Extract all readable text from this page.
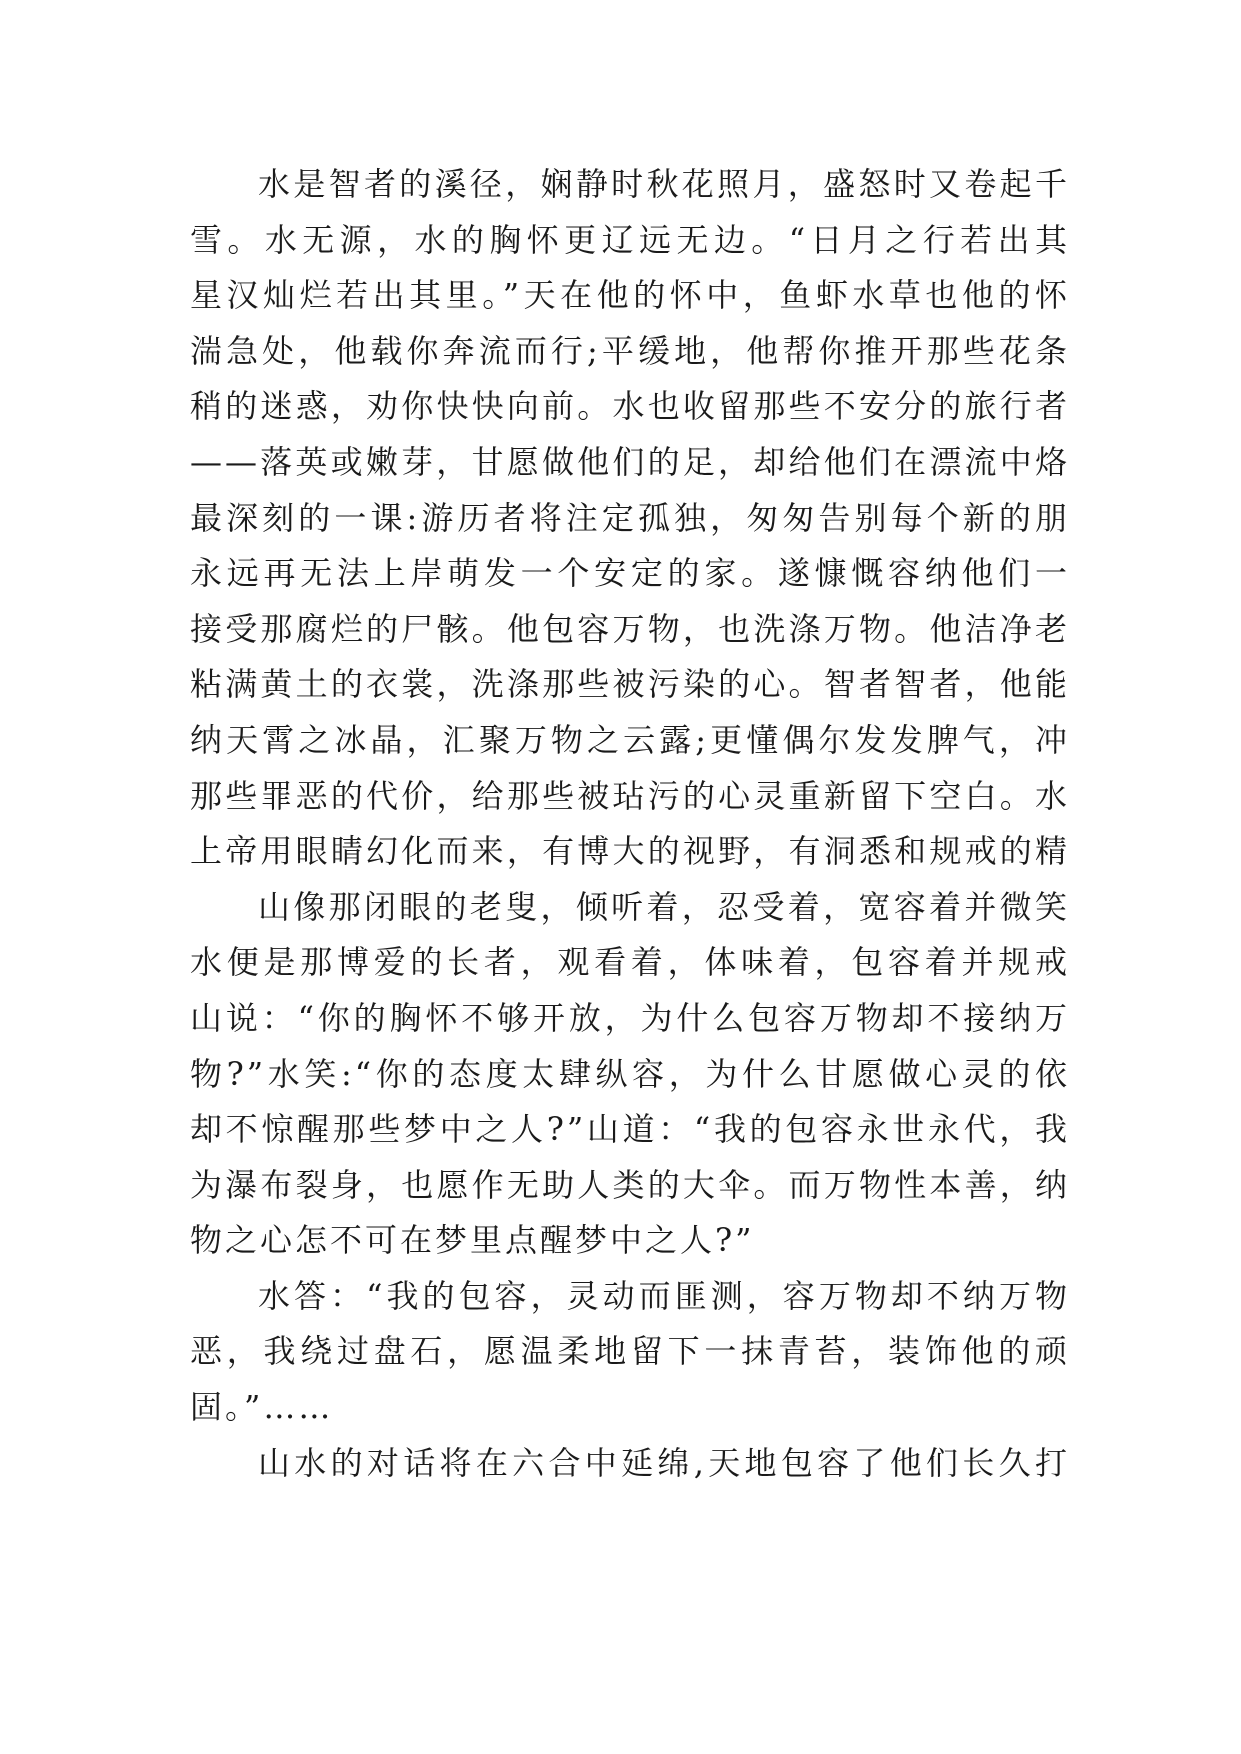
水是智者的溪径，娴静时秋花照月，盛怒时又卷起千
雪。水无源，水的胸怀更辽远无边。“日月之行若出其
星汉灿烂若出其里。”天在他的怀中，鱼虾水草也他的怀
湍急处，他载你奔流而行;平缓地，他帮你推开那些花条
稍的迷惑，劝你快快向前。水也收留那些不安分的旅行者
——落英或嫩芽，甘愿做他们的足，却给他们在漂流中烙
最深刻的一课:游历者将注定孤独，匆匆告别每个新的朋
永远再无法上岸萌发一个安定的家。遂慷慨容纳他们一
接受那腐烂的尸骸。他包容万物，也洗涤万物。他洁净老
粘满黄土的衣裳，洗涤那些被污染的心。智者智者，他能
纳天霄之冰晶，汇聚万物之云露;更懂偶尔发发脾气，冲
那些罪恶的代价，给那些被玷污的心灵重新留下空白。水
上帝用眼睛幻化而来，有博大的视野，有洞悉和规戒的精
山像那闭眼的老叟，倾听着，忍受着，宽容着并微笑
水便是那博爱的长者，观看着，体味着，包容着并规戒
山说：“你的胸怀不够开放，为什么包容万物却不接纳万
物?”水笑:“你的态度太肆纵容，为什么甘愿做心灵的依
却不惊醒那些梦中之人?”山道：“我的包容永世永代，我
为瀑布裂身，也愿作无助人类的大伞。而万物性本善，纳
物之心怎不可在梦里点醒梦中之人?”
水答：“我的包容，灵动而匪测，容万物却不纳万物
恶，我绕过盘石，愿温柔地留下一抹青苔，装饰他的顽
固。”……
山水的对话将在六合中延绵,天地包容了他们长久打
